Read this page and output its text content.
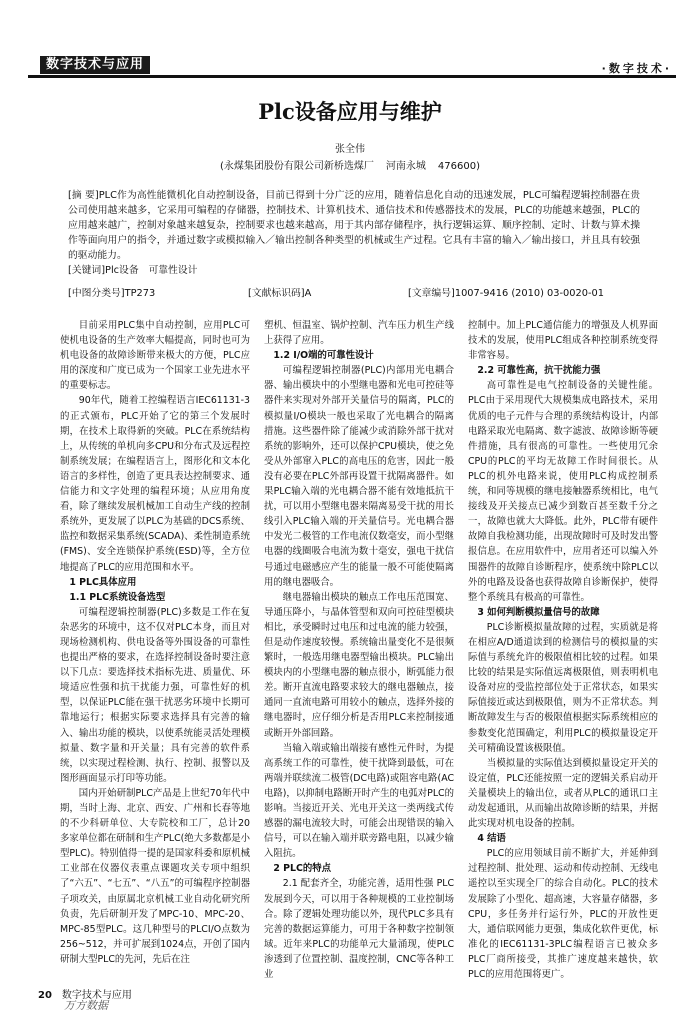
数字技术与应用	·数字技术·
Plc设备应用与维护
张全伟
(永煤集团股份有限公司新桥选煤厂 河南永城 476600)

[摘 要]PLC作为高性能微机化自动控制设备，目前已得到十分广泛的应用，随着信息化自动的迅速发展，PLC可编程逻辑控制器在贵公司使用越来越多，它采用可编程的存储器，控制技术、计算机技术、通信技术和传感器技术的发展，PLC的功能越来越强，PLC的应用越来越广，控制对象越来越复杂，控制要求也越来越高，用于其内部存储程序，执行逻辑运算、顺序控制、定时、计数与算术操作等面向用户的指令，并通过数字或模拟输入／输出控制各种类型的机械或生产过程。它具有丰富的输入／输出接口，并且具有较强的驱动能力。

[关键词]Plc设备　可靠性设计

[中图分类号]TP273	[文献标识码]A	[文章编号]1007-9416 (2010) 03-0020-01

目前采用PLC集中自动控制，应用PLC可使机电设备的生产效率大幅提高，同时也可为机电设备的故障诊断带来极大的方便，PLC应用的深度和广度已成为一个国家工业先进水平的重要标志。

90年代，随着工控编程语言IEC61131-3的正式颁布，PLC开始了它的第三个发展时期，在技术上取得新的突破。PLC在系统结构上，从传统的单机向多CPU和分布式及远程控制系统发展；在编程语言上，图形化和文本化语言的多样性，创造了更具表达控制要求、通信能力和文字处理的编程环境；从应用角度看，除了继续发展机械加工自动生产线的控制系统外，更发展了以PLC为基础的DCS系统、监控和数据采集系统(SCADA)、柔性制造系统(FMS)、安全连锁保护系统(ESD)等，全方位地提高了PLC的应用范围和水平。

1 PLC具体应用

1.1 PLC系统设备选型

可编程逻辑控制器(PLC)多数是工作在复杂恶劣的环境中，这不仅对PLC本身，而且对现场检测机构、供电设备等外围设备的可靠性也提出严格的要求，在选择控制设备时要注意以下几点：要选择技术指标先进、质量优、环境适应性强和抗干扰能力强，可靠性好的机型，以保证PLC能在强干扰恶劣环境中长期可靠地运行；根据实际要求选择具有完善的输入、输出功能的模块，以使系统能灵活处理模拟量、数字量和开关量；具有完善的软件系统，以实现过程检测、执行、控制、报警以及图形画面显示打印等功能。

国内开始研制PLC产品是上世纪70年代中期，当时上海、北京、西安、广州和长春等地的不少科研单位、大专院校和工厂，总计20多家单位都在研制和生产PLC(绝大多数都是小型PLC)。特别值得一提的是国家科委和原机械工业部在仪器仪表重点课题攻关专项中组织了“六五”、“七五”、“八五”的可编程序控制器子项攻关，由原属北京机械工业自动化研究所负责，先后研制开发了MPC-10、MPC-20、MPC-85型PLC。这几种型号的PLCI/O点数为256~512，并可扩展到1024点，开创了国内研制大型PLC的先河，先后在注

塑机、恒温室、锅炉控制、汽车压力机生产线上获得了应用。

1.2 I/O端的可靠性设计

可编程逻辑控制器(PLC)内部用光电耦合器、输出模块中的小型继电器和光电可控硅等器件来实现对外部开关量信号的隔离，PLC的模拟量I/O模块一般也采取了光电耦合的隔离措施。这些器件除了能减少或消除外部干扰对系统的影响外，还可以保护CPU模块，使之免受从外部窜入PLC的高电压的危害，因此一般没有必要在PLC外部再设置干扰隔离器件。如果PLC输入端的光电耦合器不能有效地抵抗干扰，可以用小型继电器来隔离易受干扰的用长线引入PLC输入端的开关量信号。光电耦合器中发光二极管的工作电流仅数毫安，而小型继电器的线圈吸合电流为数十毫安，强电干扰信号通过电磁感应产生的能量一般不可能使隔离用的继电器吸合。

继电器输出模块的触点工作电压范围宽、导通压降小，与晶体管型和双向可控硅型模块相比，承受瞬时过电压和过电流的能力较强，但是动作速度较慢。系统输出量变化不是很频繁时，一般选用继电器型输出模块。PLC输出模块内的小型继电器的触点很小，断弧能力很差。断开直流电路要求较大的继电器触点，接通同一直流电路可用较小的触点，选择外接的继电器时，应仔细分析是否用PLC来控制接通或断开外部回路。

当输入端或输出端接有感性元件时，为提高系统工作的可靠性，使干扰降到最低，可在两端并联续流二极管(DC电路)或阻容电路(AC电路)，以抑制电路断开时产生的电弧对PLC的影响。当接近开关、光电开关这一类两线式传感器的漏电流较大时，可能会出现错误的输入信号，可以在输入端并联旁路电阻，以减少输入阻抗。

2 PLC的特点

2.1 配套齐全，功能完善，适用性强 PLC发展到今天，可以用于各种规模的工业控制场合。除了逻辑处理功能以外，现代PLC多具有完善的数据运算能力，可用于各种数字控制领域。近年来PLC的功能单元大量涌现，使PLC渗透到了位置控制、温度控制，CNC等各种工业

控制中。加上PLC通信能力的增强及人机界面技术的发展，使用PLC组成各种控制系统变得非常容易。

2.2 可靠性高，抗干扰能力强

高可靠性是电气控制设备的关键性能。PLC由于采用现代大规模集成电路技术，采用优质的电子元件与合理的系统结构设计，内部电路采取光电隔离、数字滤波、故障诊断等硬件措施，具有很高的可靠性。一些使用冗余CPU的PLC的平均无故障工作时间很长。从PLC的机外电路来说，使用PLC构成控制系统，和同等规模的继电接触器系统相比，电气接线及开关接点已减少到数百甚至数千分之一，故障也就大大降低。此外，PLC带有硬件故障自我检测功能，出现故障时可及时发出警报信息。在应用软件中，应用者还可以编入外围器件的故障自诊断程序，使系统中除PLC以外的电路及设备也获得故障自诊断保护，使得整个系统具有极高的可靠性。

3 如何判断模拟量信号的故障

PLC诊断模拟量故障的过程，实质就是将在相应A/D通道读到的检测信号的模拟量的实际值与系统允许的极限值相比较的过程。如果比较的结果是实际值远离极限值，则表明机电设备对应的受监控部位处于正常状态，如果实际值接近或达到极限值，则为不正常状态。判断故障发生与否的极限值根据实际系统相应的参数变化范围确定，利用PLC的模拟量设定开关可精确设置该极限值。

当模拟量的实际值达到模拟量设定开关的设定值，PLC还能按照一定的逻辑关系启动开关量模块上的输出位，或者从PLC的通讯口主动发起通讯，从而输出故障诊断的结果，并据此实现对机电设备的控制。

4 结语

PLC的应用领域目前不断扩大，并延伸到过程控制、批处理、运动和传动控制、无线电遥控以至实现全厂的综合自动化。PLC的技术发展除了小型化、超高速，大容量存储器，多CPU，多任务并行运行外，PLC的开放性更大，通信联网能力更强，集成化软件更优，标准化的IEC61131-3PLC编程语言已被众多PLC厂商所接受，其推广速度越来越快，软PLC的应用范围将更广。

20 数字技术与应用
万方数据
